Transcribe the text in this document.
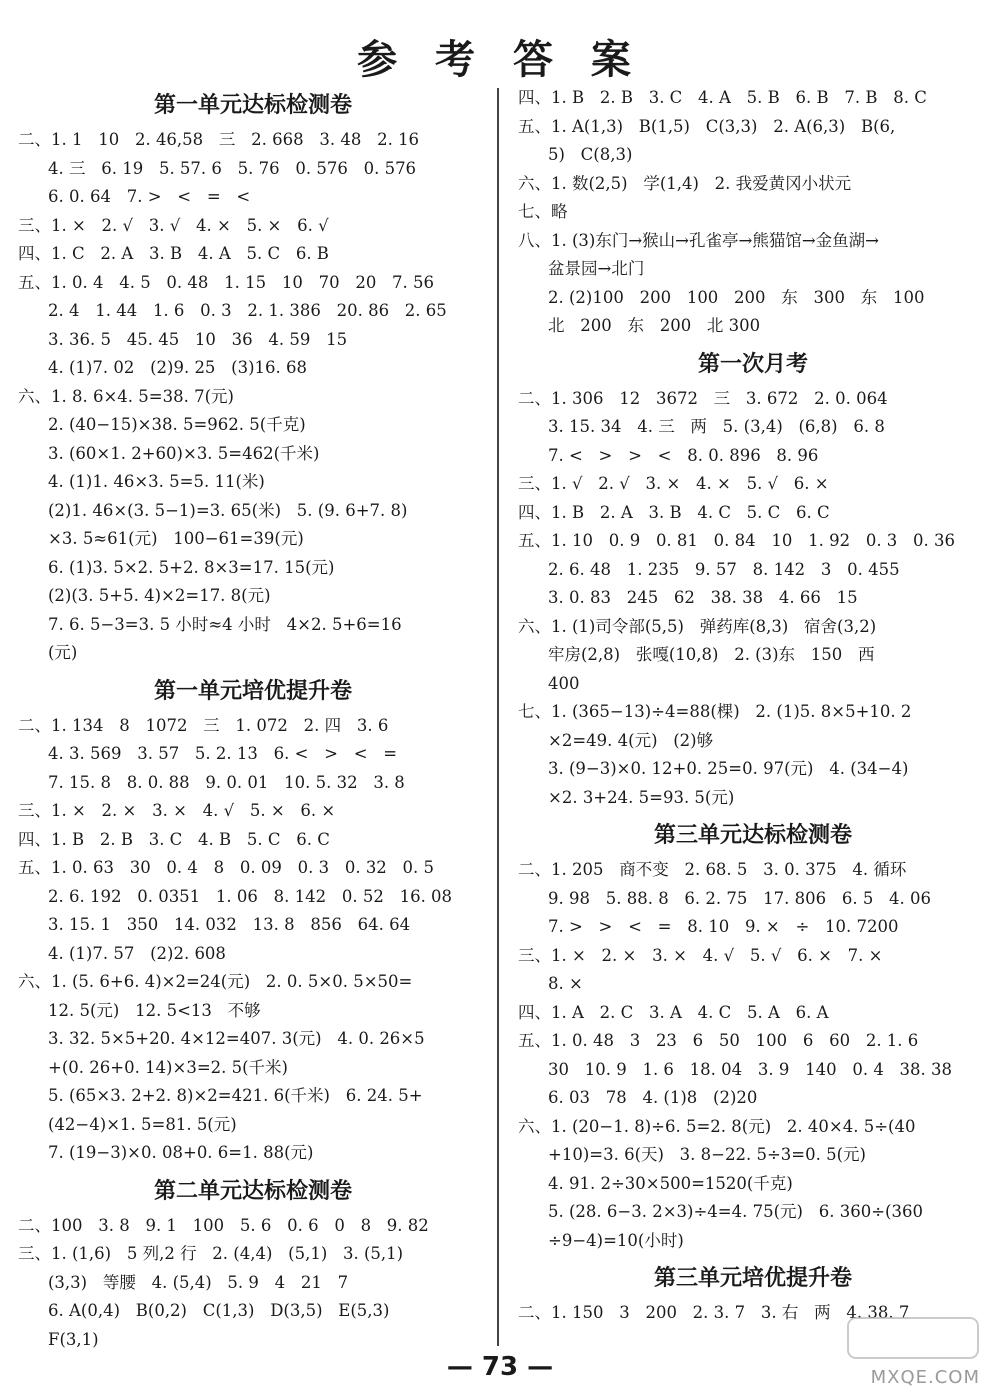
参 考 答 案
第一单元达标检测卷
二、1. 1   10   2. 46,58   三   2. 668   3. 48   2. 16
4. 三   6. 19   5. 57. 6   5. 76   0. 576   0. 576
6. 0. 64   7. >   <   =   <
三、1. ×   2. √   3. √   4. ×   5. ×   6. √
四、1. C   2. A   3. B   4. A   5. C   6. B
五、1. 0. 4   4. 5   0. 48   1. 15   10   70   20   7. 56
2. 4   1. 44   1. 6   0. 3   2. 1. 386   20. 86   2. 65
3. 36. 5   45. 45   10   36   4. 59   15
4. (1)7. 02   (2)9. 25   (3)16. 68
六、1. 8. 6×4. 5=38. 7(元)
2. (40−15)×38. 5=962. 5(千克)
3. (60×1. 2+60)×3. 5=462(千米)
4. (1)1. 46×3. 5=5. 11(米)
(2)1. 46×(3. 5−1)=3. 65(米)   5. (9. 6+7. 8)
×3. 5≈61(元)   100−61=39(元)
6. (1)3. 5×2. 5+2. 8×3=17. 15(元)
(2)(3. 5+5. 4)×2=17. 8(元)
7. 6. 5−3=3. 5 小时≈4 小时   4×2. 5+6=16
(元)
第一单元培优提升卷
二、1. 134   8   1072   三   1. 072   2. 四   3. 6
4. 3. 569   3. 57   5. 2. 13   6. <   >   <   =
7. 15. 8   8. 0. 88   9. 0. 01   10. 5. 32   3. 8
三、1. ×   2. ×   3. ×   4. √   5. ×   6. ×
四、1. B   2. B   3. C   4. B   5. C   6. C
五、1. 0. 63   30   0. 4   8   0. 09   0. 3   0. 32   0. 5
2. 6. 192   0. 0351   1. 06   8. 142   0. 52   16. 08
3. 15. 1   350   14. 032   13. 8   856   64. 64
4. (1)7. 57   (2)2. 608
六、1. (5. 6+6. 4)×2=24(元)   2. 0. 5×0. 5×50=
12. 5(元)   12. 5<13   不够
3. 32. 5×5+20. 4×12=407. 3(元)   4. 0. 26×5
+(0. 26+0. 14)×3=2. 5(千米)
5. (65×3. 2+2. 8)×2=421. 6(千米)   6. 24. 5+
(42−4)×1. 5=81. 5(元)
7. (19−3)×0. 08+0. 6=1. 88(元)
第二单元达标检测卷
二、100   3. 8   9. 1   100   5. 6   0. 6   0   8   9. 82
三、1. (1,6)   5 列,2 行   2. (4,4)   (5,1)   3. (5,1)
(3,3)   等腰   4. (5,4)   5. 9   4   21   7
6. A(0,4)   B(0,2)   C(1,3)   D(3,5)   E(5,3)
F(3,1)
四、1. B   2. B   3. C   4. A   5. B   6. B   7. B   8. C
五、1. A(1,3)   B(1,5)   C(3,3)   2. A(6,3)   B(6,
5)   C(8,3)
六、1. 数(2,5)   学(1,4)   2. 我爱黄冈小状元
七、略
八、1. (3)东门→猴山→孔雀亭→熊猫馆→金鱼湖→
盆景园→北门
2. (2)100   200   100   200   东   300   东   100
北   200   东   200   北 300
第一次月考
二、1. 306   12   3672   三   3. 672   2. 0. 064
3. 15. 34   4. 三   两   5. (3,4)   (6,8)   6. 8
7. <   >   >   <   8. 0. 896   8. 96
三、1. √   2. √   3. ×   4. ×   5. √   6. ×
四、1. B   2. A   3. B   4. C   5. C   6. C
五、1. 10   0. 9   0. 81   0. 84   10   1. 92   0. 3   0. 36
2. 6. 48   1. 235   9. 57   8. 142   3   0. 455
3. 0. 83   245   62   38. 38   4. 66   15
六、1. (1)司令部(5,5)   弹药库(8,3)   宿舍(3,2)
牢房(2,8)   张嘎(10,8)   2. (3)东   150   西
400
七、1. (365−13)÷4=88(棵)   2. (1)5. 8×5+10. 2
×2=49. 4(元)   (2)够
3. (9−3)×0. 12+0. 25=0. 97(元)   4. (34−4)
×2. 3+24. 5=93. 5(元)
第三单元达标检测卷
二、1. 205   商不变   2. 68. 5   3. 0. 375   4. 循环
9. 98   5. 88. 8   6. 2. 75   17. 806   6. 5   4. 06
7. >   >   <   =   8. 10   9. ×   ÷   10. 7200
三、1. ×   2. ×   3. ×   4. √   5. √   6. ×   7. ×
8. ×
四、1. A   2. C   3. A   4. C   5. A   6. A
五、1. 0. 48   3   23   6   50   100   6   60   2. 1. 6
30   10. 9   1. 6   18. 04   3. 9   140   0. 4   38. 38
6. 03   78   4. (1)8   (2)20
六、1. (20−1. 8)÷6. 5=2. 8(元)   2. 40×4. 5÷(40
+10)=3. 6(天)   3. 8−22. 5÷3=0. 5(元)
4. 91. 2÷30×500=1520(千克)
5. (28. 6−3. 2×3)÷4=4. 75(元)   6. 360÷(360
÷9−4)=10(小时)
第三单元培优提升卷
二、1. 150   3   200   2. 3. 7   3. 右   两   4. 38. 7
— 73 —	MXQE.COM
